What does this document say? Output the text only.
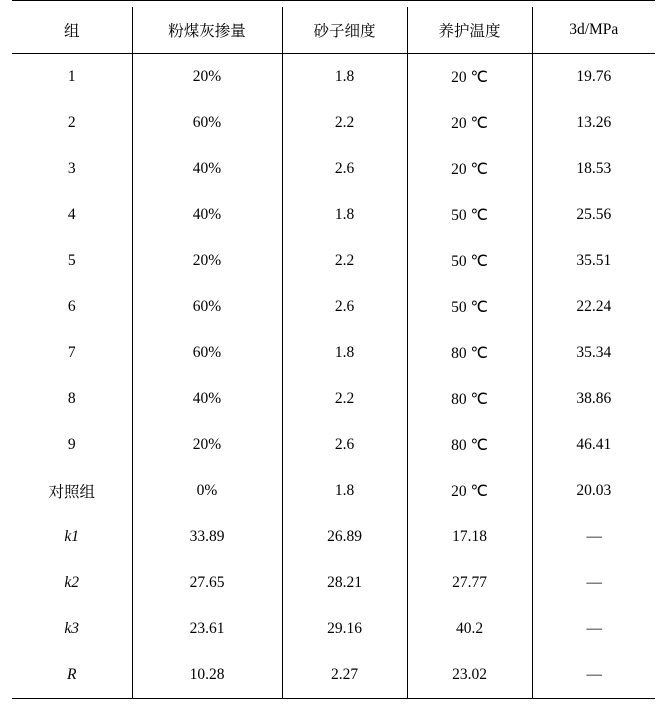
组	粉煤灰掺量	砂子细度	养护温度	3d/MPa
1	20%	1.8	20 ℃	19.76
2	60%	2.2	20 ℃	13.26
3	40%	2.6	20 ℃	18.53
4	40%	1.8	50 ℃	25.56
5	20%	2.2	50 ℃	35.51
6	60%	2.6	50 ℃	22.24
7	60%	1.8	80 ℃	35.34
8	40%	2.2	80 ℃	38.86
9	20%	2.6	80 ℃	46.41
对照组	0%	1.8	20 ℃	20.03
k1	33.89	26.89	17.18	—
k2	27.65	28.21	27.77	—
k3	23.61	29.16	40.2	—
R	10.28	2.27	23.02	—
